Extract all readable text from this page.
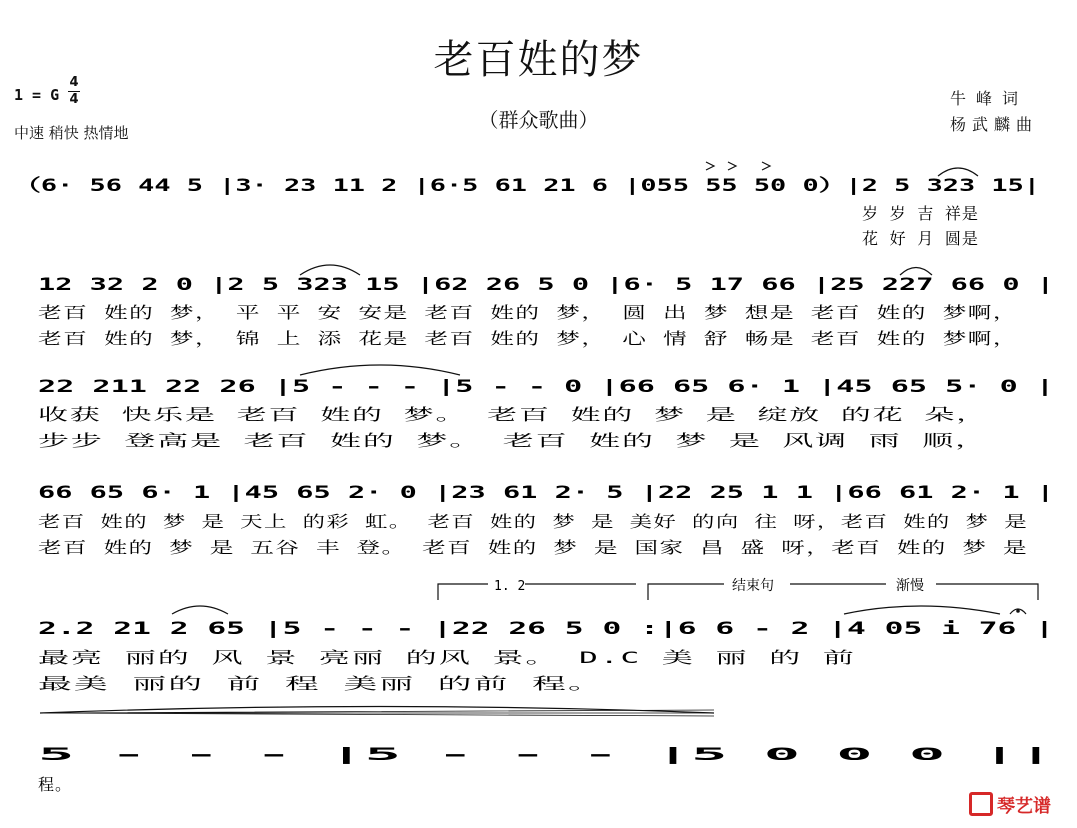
老百姓的梦
（群众歌曲）
1 = G
4
4
中速 稍快 热情地
牛峰词
杨武麟曲
（6· 56 44 5 |3· 23 11 2 |6·5 61 21 6 |055 55 50 0）|2 5 323 15|
岁 岁 吉 祥是
花 好 月 圆是
12 32 2 0 |2 5 323 15 |62 26 5 0 |6· 5 17 66 |25 227 66 0 |
老百 姓的 梦， 平 平 安 安是 老百 姓的 梦， 圆 出 梦 想是 老百 姓的 梦啊，
老百 姓的 梦， 锦 上 添 花是 老百 姓的 梦， 心 情 舒 畅是 老百 姓的 梦啊，
22 211 22 26 |5 - - - |5 - - 0 |66 65 6· 1 |45 65 5· 0 |
收获 快乐是 老百 姓的 梦。 老百 姓的 梦 是 绽放 的花 朵，
步步 登高是 老百 姓的 梦。 老百 姓的 梦 是 风调 雨 顺，
66 65 6· 1 |45 65 2· 0 |23 61 2· 5 |22 25 1 1 |66 61 2· 1 |
老百 姓的 梦 是 天上 的彩 虹。 老百 姓的 梦 是 美好 的向 往 呀，老百 姓的 梦 是
老百 姓的 梦 是 五谷 丰 登。 老百 姓的 梦 是 国家 昌 盛 呀，老百 姓的 梦 是
1. 2	结束句	渐慢
2.2 21 2 65 |5 - - - |22 26 5 0 :|6 6 - 2 |4 05 i 76 |
最亮 丽的 风 景 亮丽 的风 景。 D.C 美 丽 的 前
最美 丽的 前 程 美丽 的前 程。
5 - - - |5 - - - |5 0 0 0 ||
程。
琴艺谱
